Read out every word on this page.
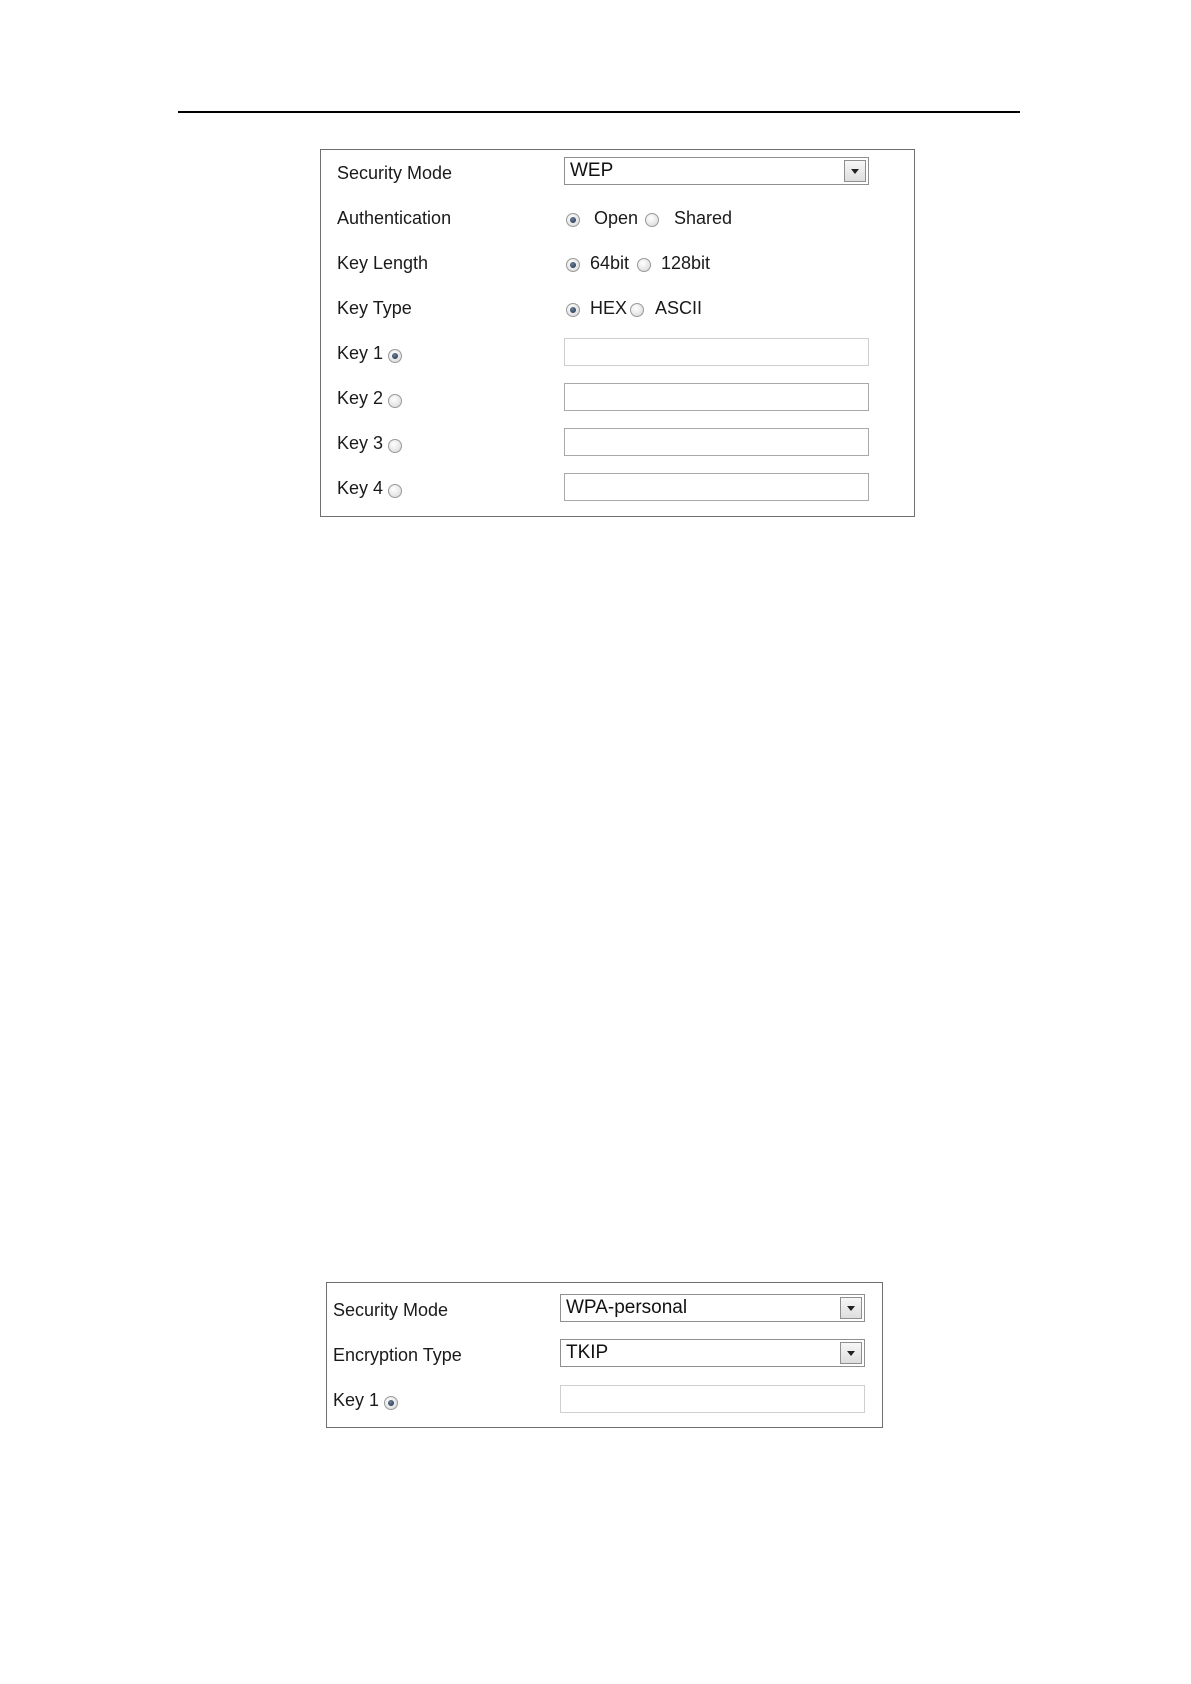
Security Mode	WEP
Authentication	Open Shared
Key Length	64bit 128bit
Key Type	HEX ASCII
Key 1
Key 2
Key 3
Key 4
Security Mode	WPA-personal
Encryption Type	TKIP
Key 1
